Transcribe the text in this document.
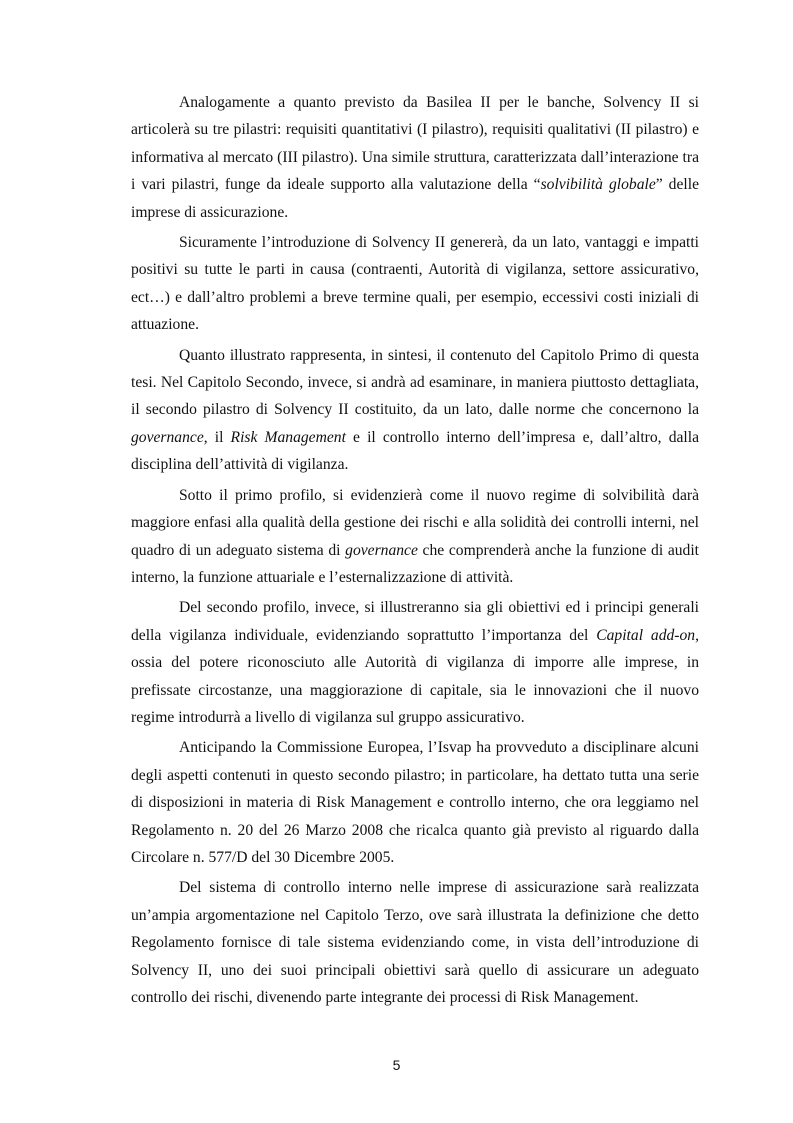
Analogamente a quanto previsto da Basilea II per le banche, Solvency II si articolerà su tre pilastri: requisiti quantitativi (I pilastro), requisiti qualitativi (II pilastro) e informativa al mercato (III pilastro). Una simile struttura, caratterizzata dall’interazione tra i vari pilastri, funge da ideale supporto alla valutazione della “solvibilità globale” delle imprese di assicurazione.

Sicuramente l’introduzione di Solvency II genererà, da un lato, vantaggi e impatti positivi su tutte le parti in causa (contraenti, Autorità di vigilanza, settore assicurativo, ect…) e dall’altro problemi a breve termine quali, per esempio, eccessivi costi iniziali di attuazione.

Quanto illustrato rappresenta, in sintesi, il contenuto del Capitolo Primo di questa tesi. Nel Capitolo Secondo, invece, si andrà ad esaminare, in maniera piuttosto dettagliata, il secondo pilastro di Solvency II costituito, da un lato, dalle norme che concernono la governance, il Risk Management e il controllo interno dell’impresa e, dall’altro, dalla disciplina dell’attività di vigilanza.

Sotto il primo profilo, si evidenzierà come il nuovo regime di solvibilità darà maggiore enfasi alla qualità della gestione dei rischi e alla solidità dei controlli interni, nel quadro di un adeguato sistema di governance che comprenderà anche la funzione di audit interno, la funzione attuariale e l’esternalizzazione di attività.

Del secondo profilo, invece, si illustreranno sia gli obiettivi ed i principi generali della vigilanza individuale, evidenziando soprattutto l’importanza del Capital add-on, ossia del potere riconosciuto alle Autorità di vigilanza di imporre alle imprese, in prefissate circostanze, una maggiorazione di capitale, sia le innovazioni che il nuovo regime introdurrà a livello di vigilanza sul gruppo assicurativo.

Anticipando la Commissione Europea, l’Isvap ha provveduto a disciplinare alcuni degli aspetti contenuti in questo secondo pilastro; in particolare, ha dettato tutta una serie di disposizioni in materia di Risk Management e controllo interno, che ora leggiamo nel Regolamento n. 20 del 26 Marzo 2008 che ricalca quanto già previsto al riguardo dalla Circolare n. 577/D del 30 Dicembre 2005.

Del sistema di controllo interno nelle imprese di assicurazione sarà realizzata un’ampia argomentazione nel Capitolo Terzo, ove sarà illustrata la definizione che detto Regolamento fornisce di tale sistema evidenziando come, in vista dell’introduzione di Solvency II, uno dei suoi principali obiettivi sarà quello di assicurare un adeguato controllo dei rischi, divenendo parte integrante dei processi di Risk Management.

5
